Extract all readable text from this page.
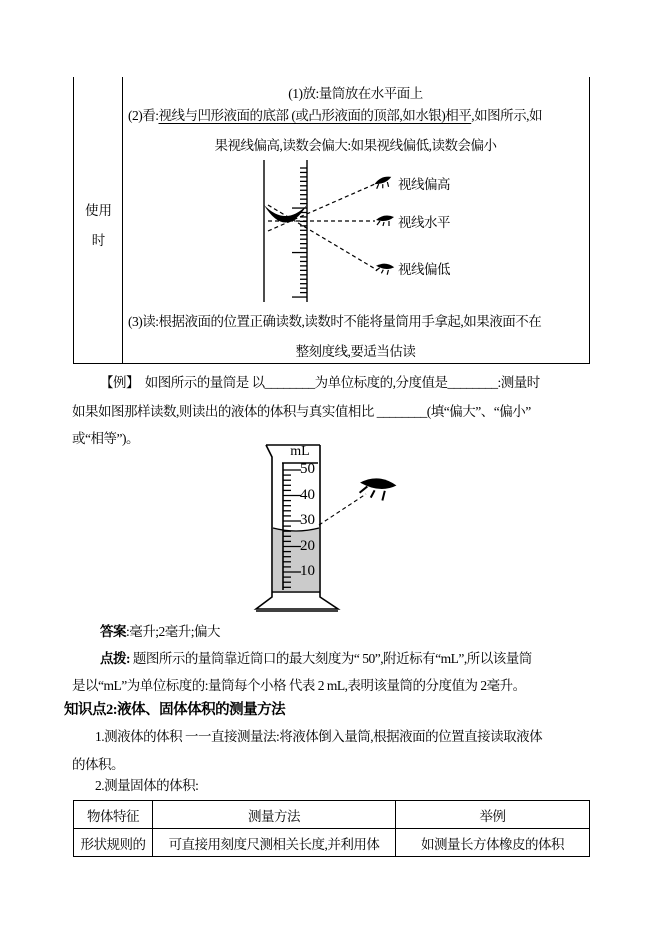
使用
时
(1)放:量筒放在水平面上
(2)看:视线与凹形液面的底部 (或凸形液面的顶部,如水银)相平,如图所示,如
果视线偏高,读数会偏大:如果视线偏低,读数会偏小
(3)读:根据液面的位置正确读数,读数时不能将量筒用手拿起,如果液面不在
整刻度线,要适当估读
视线偏高
视线水平
视线偏低
【例】  如图所示的量筒是 以________为单位标度的,分度值是________:测量时
如果如图那样读数,则读出的液体的体积与真实值相比 ________(填“偏大”、“偏小”
或“相等”)。
mL
50
40
30
20
10
答案:毫升;2毫升;偏大
点拨: 题图所示的量筒靠近筒口的最大刻度为“ 50”,附近标有“mL”,所以该量筒
是以“mL”为单位标度的:量筒每个小格 代表 2 mL,表明该量筒的分度值为 2毫升。
知识点2:液体、固体体积的测量方法
1.测液体的体积 一一直接测量法:将液体倒入量筒,根据液面的位置直接读取液体
的体积。
2.测量固体的体积:
物体特征	测量方法	举例
形状规则的	可直接用刻度尺测相关长度,并利用体	如测量长方体橡皮的体积
